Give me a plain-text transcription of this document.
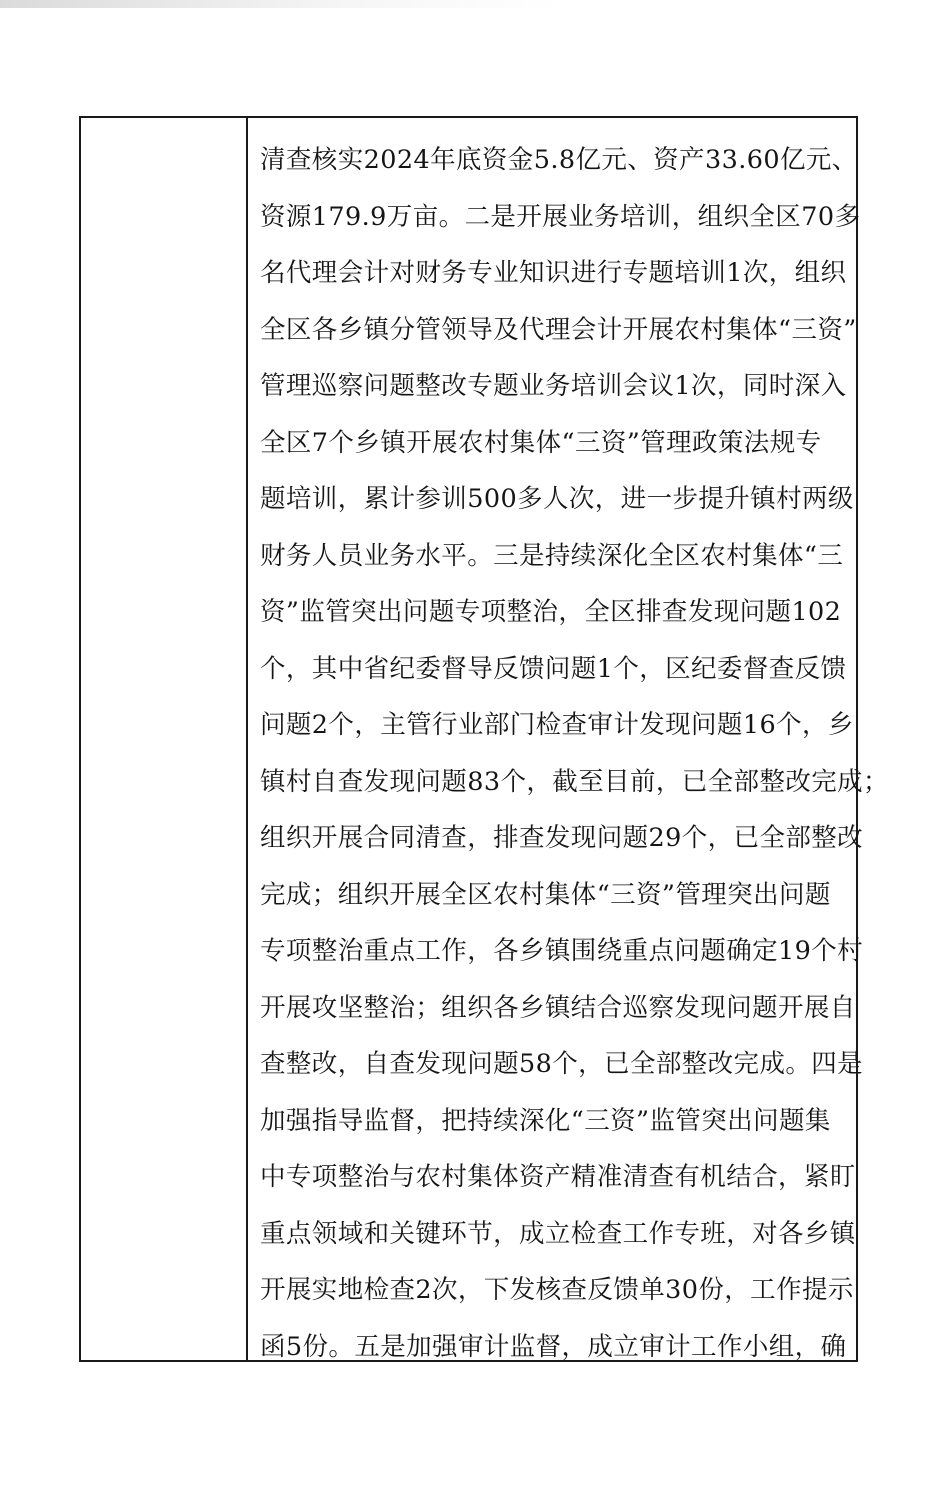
清查核实2024年底资金5.8亿元、资产33.60亿元、
资源179.9万亩。二是开展业务培训，组织全区70多
名代理会计对财务专业知识进行专题培训1次，组织
全区各乡镇分管领导及代理会计开展农村集体“三资”
管理巡察问题整改专题业务培训会议1次，同时深入
全区7个乡镇开展农村集体“三资”管理政策法规专
题培训，累计参训500多人次，进一步提升镇村两级
财务人员业务水平。三是持续深化全区农村集体“三
资”监管突出问题专项整治，全区排查发现问题102
个，其中省纪委督导反馈问题1个，区纪委督查反馈
问题2个，主管行业部门检查审计发现问题16个，乡
镇村自查发现问题83个，截至目前，已全部整改完成；
组织开展合同清查，排查发现问题29个，已全部整改
完成；组织开展全区农村集体“三资”管理突出问题
专项整治重点工作，各乡镇围绕重点问题确定19个村
开展攻坚整治；组织各乡镇结合巡察发现问题开展自
查整改，自查发现问题58个，已全部整改完成。四是
加强指导监督，把持续深化“三资”监管突出问题集
中专项整治与农村集体资产精准清查有机结合，紧盯
重点领域和关键环节，成立检查工作专班，对各乡镇
开展实地检查2次，下发核查反馈单30份，工作提示
函5份。五是加强审计监督，成立审计工作小组，确
